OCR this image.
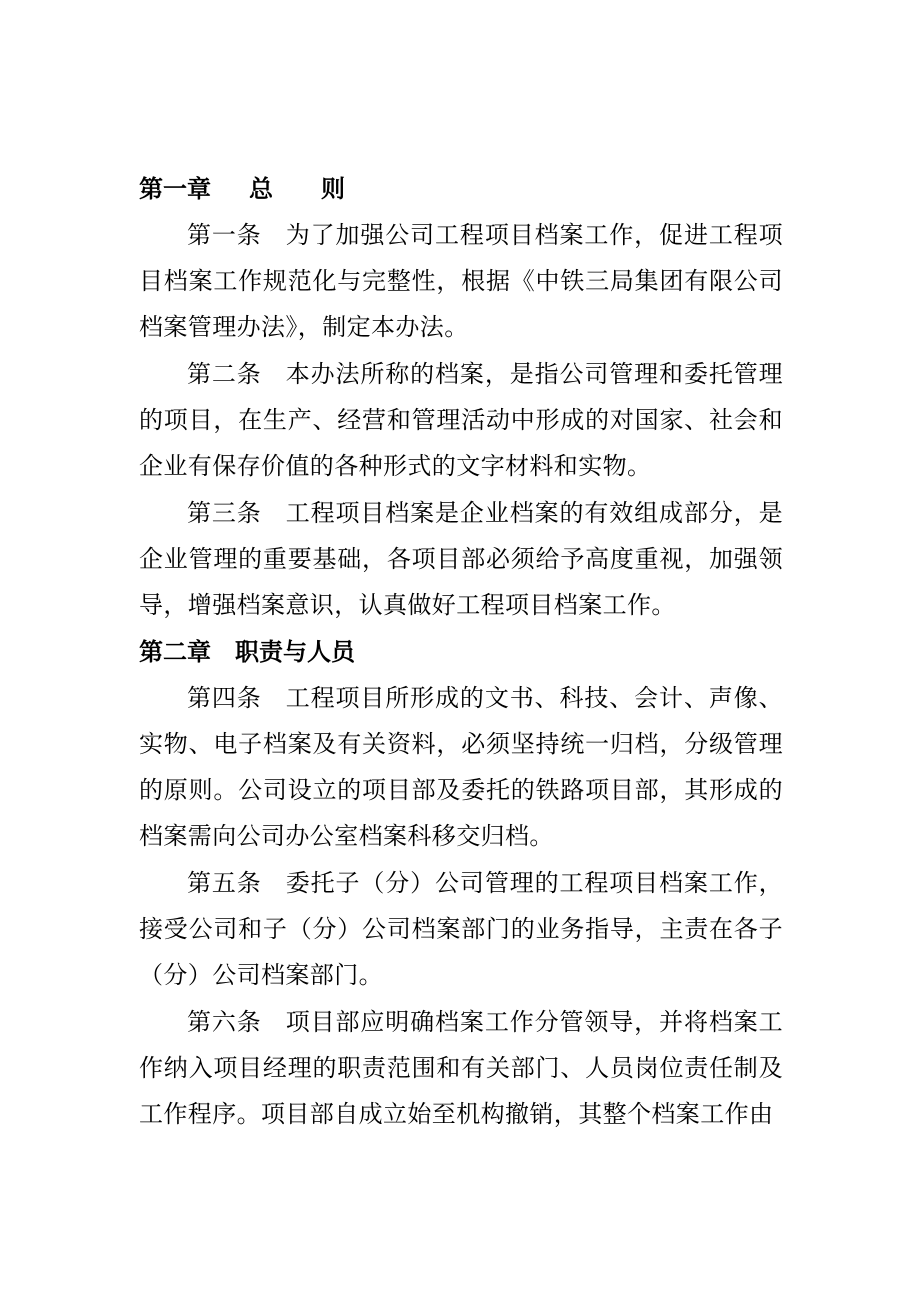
第一章 总　　则

第一条 为了加强公司工程项目档案工作，促进工程项目档案工作规范化与完整性，根据《中铁三局集团有限公司档案管理办法》，制定本办法。

第二条 本办法所称的档案，是指公司管理和委托管理的项目，在生产、经营和管理活动中形成的对国家、社会和企业有保存价值的各种形式的文字材料和实物。

第三条 工程项目档案是企业档案的有效组成部分，是企业管理的重要基础，各项目部必须给予高度重视，加强领导，增强档案意识，认真做好工程项目档案工作。

第二章 职责与人员

第四条 工程项目所形成的文书、科技、会计、声像、实物、电子档案及有关资料，必须坚持统一归档，分级管理的原则。公司设立的项目部及委托的铁路项目部，其形成的档案需向公司办公室档案科移交归档。

第五条 委托子（分）公司管理的工程项目档案工作，接受公司和子（分）公司档案部门的业务指导，主责在各子（分）公司档案部门。

第六条 项目部应明确档案工作分管领导，并将档案工作纳入项目经理的职责范围和有关部门、人员岗位责任制及工作程序。项目部自成立始至机构撤销，其整个档案工作由
